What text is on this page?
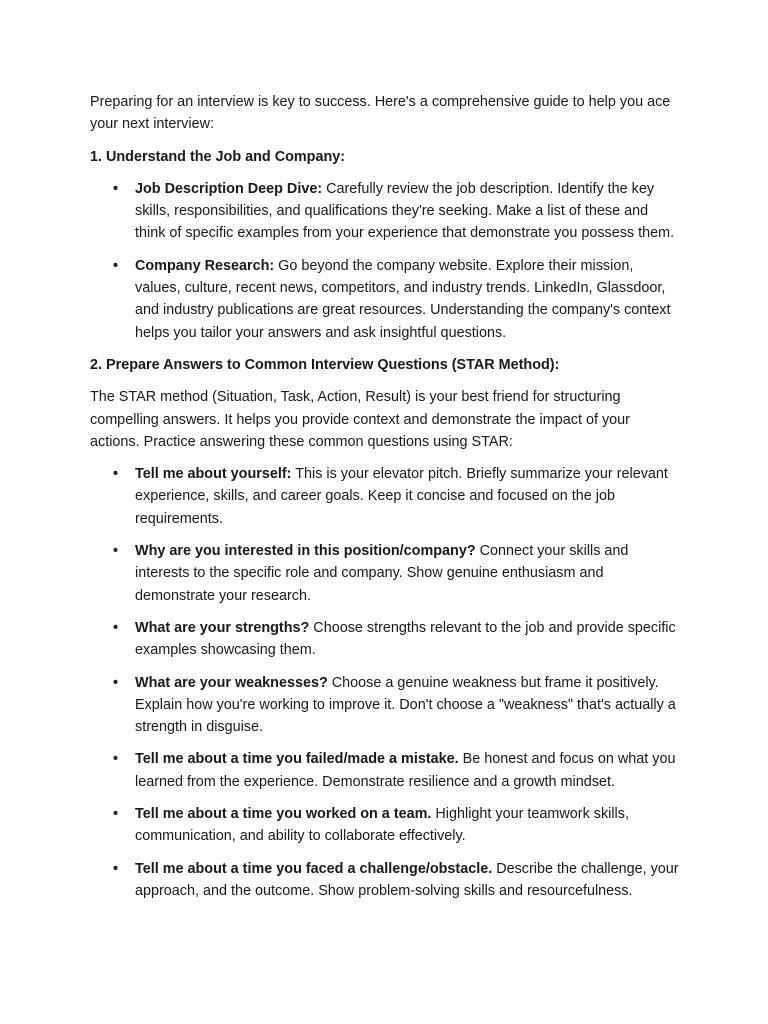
Preparing for an interview is key to success. Here's a comprehensive guide to help you ace your next interview:

1. Understand the Job and Company:

• Job Description Deep Dive: Carefully review the job description. Identify the key skills, responsibilities, and qualifications they're seeking. Make a list of these and think of specific examples from your experience that demonstrate you possess them.
• Company Research: Go beyond the company website. Explore their mission, values, culture, recent news, competitors, and industry trends. LinkedIn, Glassdoor, and industry publications are great resources. Understanding the company's context helps you tailor your answers and ask insightful questions.

2. Prepare Answers to Common Interview Questions (STAR Method):

The STAR method (Situation, Task, Action, Result) is your best friend for structuring compelling answers. It helps you provide context and demonstrate the impact of your actions. Practice answering these common questions using STAR:

• Tell me about yourself: This is your elevator pitch. Briefly summarize your relevant experience, skills, and career goals. Keep it concise and focused on the job requirements.
• Why are you interested in this position/company? Connect your skills and interests to the specific role and company. Show genuine enthusiasm and demonstrate your research.
• What are your strengths? Choose strengths relevant to the job and provide specific examples showcasing them.
• What are your weaknesses? Choose a genuine weakness but frame it positively. Explain how you're working to improve it. Don't choose a "weakness" that's actually a strength in disguise.
• Tell me about a time you failed/made a mistake. Be honest and focus on what you learned from the experience. Demonstrate resilience and a growth mindset.
• Tell me about a time you worked on a team. Highlight your teamwork skills, communication, and ability to collaborate effectively.
• Tell me about a time you faced a challenge/obstacle. Describe the challenge, your approach, and the outcome. Show problem-solving skills and resourcefulness.
